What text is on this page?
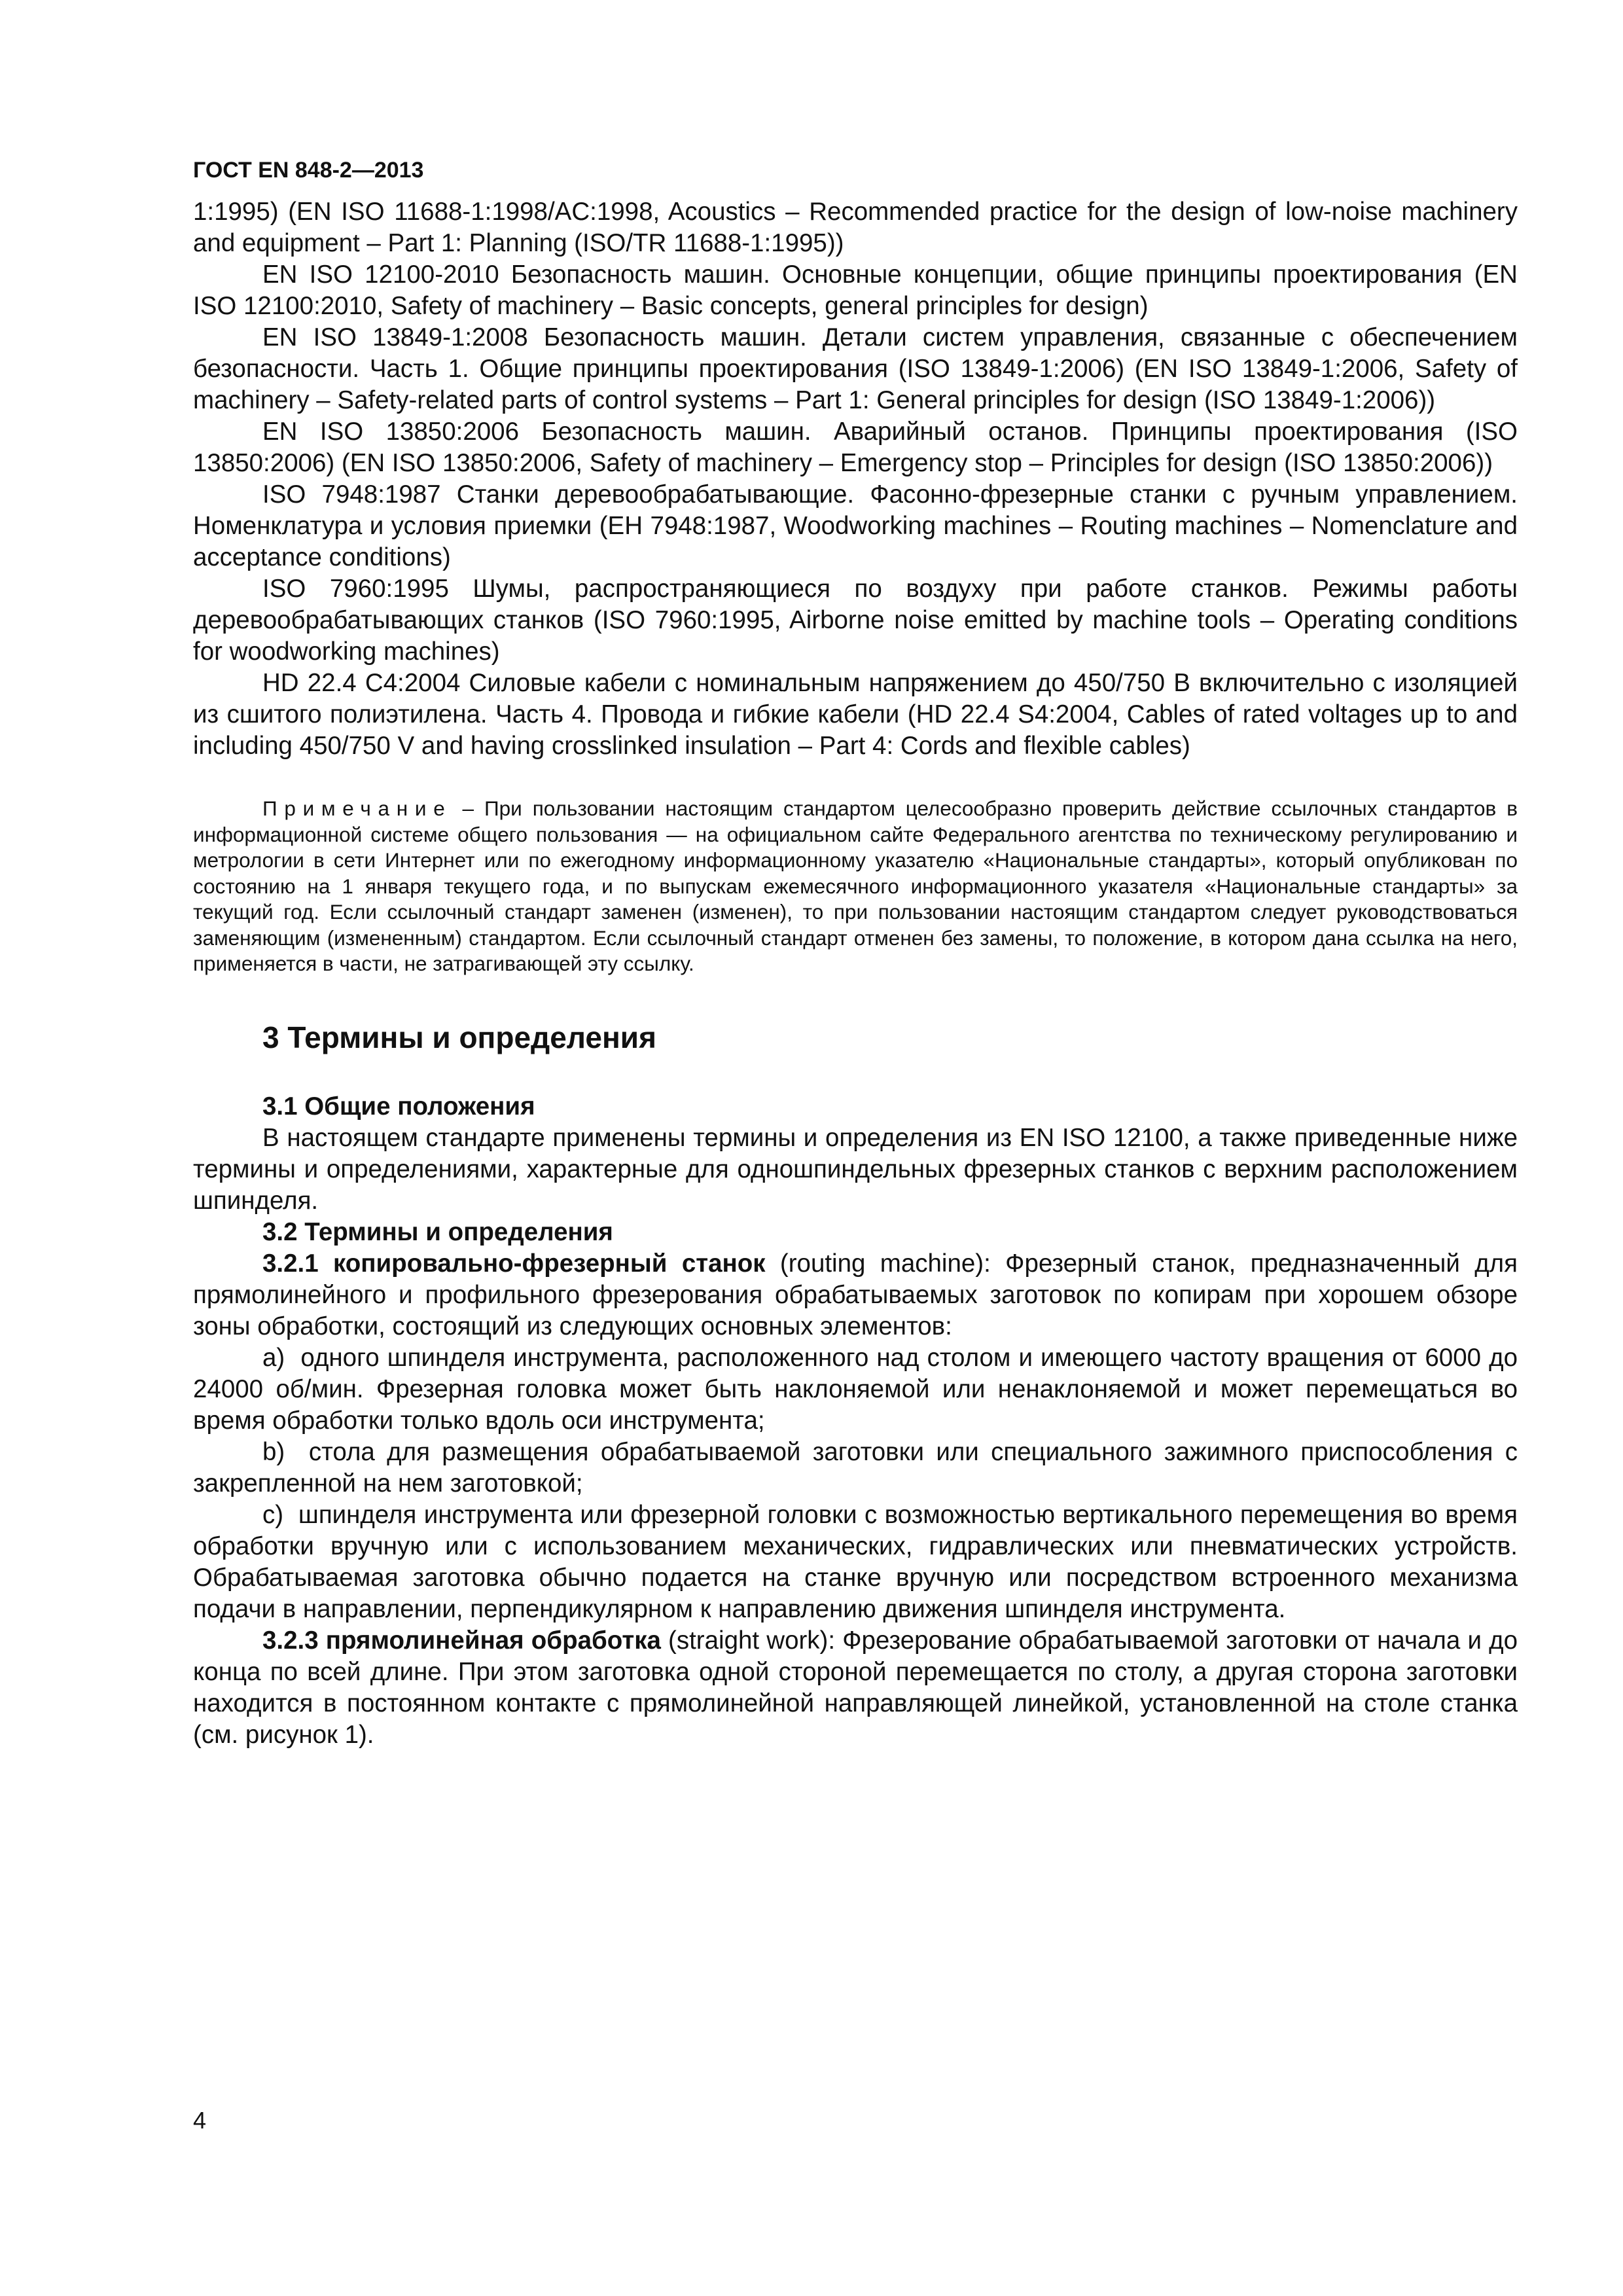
ГОСТ EN 848-2—2013

1:1995) (EN ISO 11688-1:1998/AC:1998, Acoustics – Recommended practice for the design of low-noise machinery and equipment – Part 1: Planning (ISO/TR 11688-1:1995))

EN ISO 12100-2010 Безопасность машин. Основные концепции, общие принципы проектирования (EN ISO 12100:2010, Safety of machinery – Basic concepts, general principles for design)

EN ISO 13849-1:2008 Безопасность машин. Детали систем управления, связанные с обеспечением безопасности. Часть 1. Общие принципы проектирования (ISO 13849-1:2006) (EN ISO 13849-1:2006, Safety of machinery – Safety-related parts of control systems – Part 1: General principles for design (ISO 13849-1:2006))

EN ISO 13850:2006 Безопасность машин. Аварийный останов. Принципы проектирования (ISO 13850:2006) (EN ISO 13850:2006, Safety of machinery – Emergency stop – Principles for design (ISO 13850:2006))

ISO 7948:1987 Станки деревообрабатывающие. Фасонно-фрезерные станки с ручным управлением. Номенклатура и условия приемки (ЕН 7948:1987, Woodworking machines – Routing machines – Nomenclature and acceptance conditions)

ISO 7960:1995 Шумы, распространяющиеся по воздуху при работе станков. Режимы работы деревообрабатывающих станков (ISO 7960:1995, Airborne noise emitted by machine tools – Operating conditions for woodworking machines)

HD 22.4 C4:2004 Силовые кабели с номинальным напряжением до 450/750 В включительно с изоляцией из сшитого полиэтилена. Часть 4. Провода и гибкие кабели (HD 22.4 S4:2004, Cables of rated voltages up to and including 450/750 V and having crosslinked insulation – Part 4: Cords and flexible cables)

Примечание – При пользовании настоящим стандартом целесообразно проверить действие ссылочных стандартов в информационной системе общего пользования — на официальном сайте Федерального агентства по техническому регулированию и метрологии в сети Интернет или по ежегодному информационному указателю «Национальные стандарты», который опубликован по состоянию на 1 января текущего года, и по выпускам ежемесячного информационного указателя «Национальные стандарты» за текущий год. Если ссылочный стандарт заменен (изменен), то при пользовании настоящим стандартом следует руководствоваться заменяющим (измененным) стандартом. Если ссылочный стандарт отменен без замены, то положение, в котором дана ссылка на него, применяется в части, не затрагивающей эту ссылку.

3 Термины и определения

3.1 Общие положения

В настоящем стандарте применены термины и определения из EN ISO 12100, а также приведенные ниже термины и определениями, характерные для одношпиндельных фрезерных станков с верхним расположением шпинделя.

3.2 Термины и определения

3.2.1 копировально-фрезерный станок (routing machine): Фрезерный станок, предназначенный для прямолинейного и профильного фрезерования обрабатываемых заготовок по копирам при хорошем обзоре зоны обработки, состоящий из следующих основных элементов:

a)  одного шпинделя инструмента, расположенного над столом и имеющего частоту вращения от 6000 до 24000 об/мин. Фрезерная головка может быть наклоняемой или ненаклоняемой и может перемещаться во время обработки только вдоль оси инструмента;

b)  стола для размещения обрабатываемой заготовки или специального зажимного приспособления с закрепленной на нем заготовкой;

c)  шпинделя инструмента или фрезерной головки с возможностью вертикального перемещения во время обработки вручную или с использованием механических, гидравлических или пневматических устройств. Обрабатываемая заготовка обычно подается на станке вручную или посредством встроенного механизма подачи в направлении, перпендикулярном к направлению движения шпинделя инструмента.

3.2.3 прямолинейная обработка (straight work): Фрезерование обрабатываемой заготовки от начала и до конца по всей длине. При этом заготовка одной стороной перемещается по столу, а другая сторона заготовки находится в постоянном контакте с прямолинейной направляющей линейкой, установленной на столе станка (см. рисунок 1).

4
